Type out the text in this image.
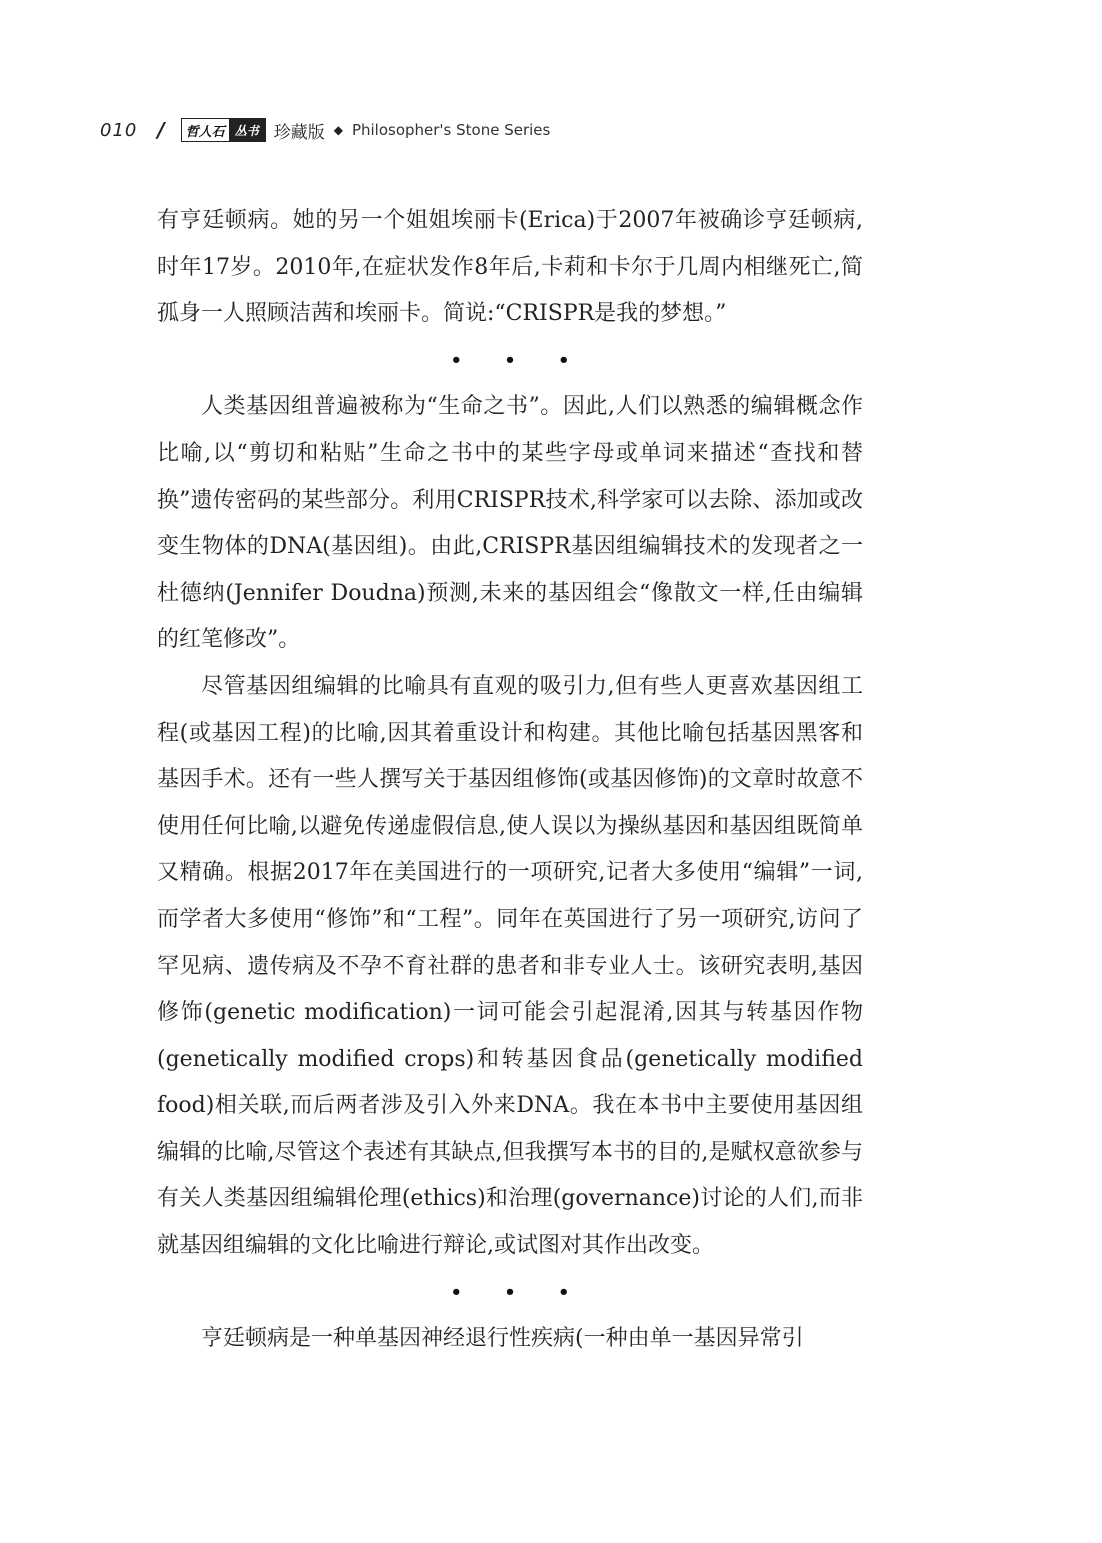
010 /	哲人石 丛书 珍藏版 ◆ Philosopher's Stone Series

有亨廷顿病。她的另一个姐姐埃丽卡(Erica)于2007年被确诊亨廷顿病,时年17岁。2010年,在症状发作8年后,卡莉和卡尔于几周内相继死亡,简孤身一人照顾洁茜和埃丽卡。简说:“CRISPR是我的梦想。”

• • •

人类基因组普遍被称为“生命之书”。因此,人们以熟悉的编辑概念作比喻,以“剪切和粘贴”生命之书中的某些字母或单词来描述“查找和替换”遗传密码的某些部分。利用CRISPR技术,科学家可以去除、添加或改变生物体的DNA(基因组)。由此,CRISPR基因组编辑技术的发现者之一杜德纳(Jennifer Doudna)预测,未来的基因组会“像散文一样,任由编辑的红笔修改”。

尽管基因组编辑的比喻具有直观的吸引力,但有些人更喜欢基因组工程(或基因工程)的比喻,因其着重设计和构建。其他比喻包括基因黑客和基因手术。还有一些人撰写关于基因组修饰(或基因修饰)的文章时故意不使用任何比喻,以避免传递虚假信息,使人误以为操纵基因和基因组既简单又精确。根据2017年在美国进行的一项研究,记者大多使用“编辑”一词,而学者大多使用“修饰”和“工程”。同年在英国进行了另一项研究,访问了罕见病、遗传病及不孕不育社群的患者和非专业人士。该研究表明,基因修饰(genetic modification)一词可能会引起混淆,因其与转基因作物(genetically modified crops)和转基因食品(genetically modified food)相关联,而后两者涉及引入外来DNA。我在本书中主要使用基因组编辑的比喻,尽管这个表述有其缺点,但我撰写本书的目的,是赋权意欲参与有关人类基因组编辑伦理(ethics)和治理(governance)讨论的人们,而非就基因组编辑的文化比喻进行辩论,或试图对其作出改变。

• • •

亨廷顿病是一种单基因神经退行性疾病(一种由单一基因异常引
